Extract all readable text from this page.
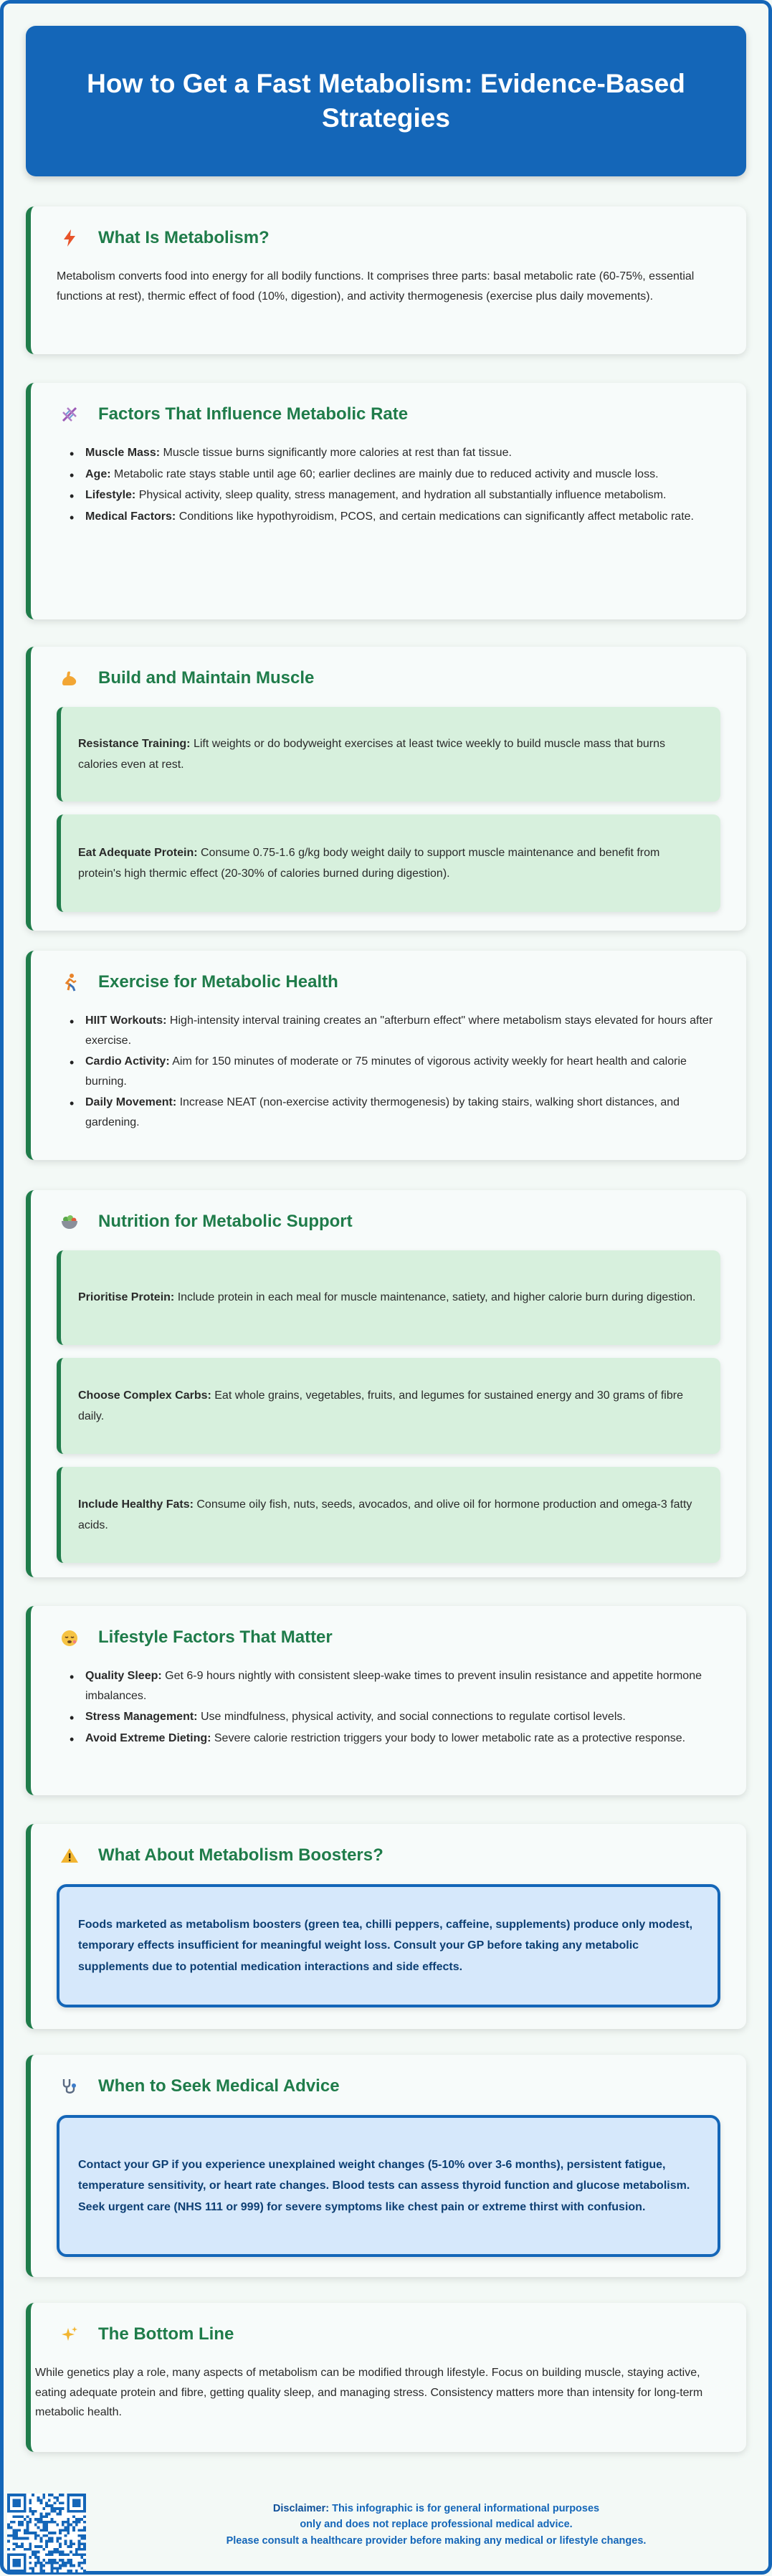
How to Get a Fast Metabolism: Evidence-Based Strategies
What Is Metabolism?

Metabolism converts food into energy for all bodily functions. It comprises three parts: basal metabolic rate (60-75%, essential functions at rest), thermic effect of food (10%, digestion), and activity thermogenesis (exercise plus daily movements).

Factors That Influence Metabolic Rate
• Muscle Mass: Muscle tissue burns significantly more calories at rest than fat tissue.
• Age: Metabolic rate stays stable until age 60; earlier declines are mainly due to reduced activity and muscle loss.
• Lifestyle: Physical activity, sleep quality, stress management, and hydration all substantially influence metabolism.
• Medical Factors: Conditions like hypothyroidism, PCOS, and certain medications can significantly affect metabolic rate.
Build and Maintain Muscle

Resistance Training: Lift weights or do bodyweight exercises at least twice weekly to build muscle mass that burns calories even at rest.

Eat Adequate Protein: Consume 0.75-1.6 g/kg body weight daily to support muscle maintenance and benefit from protein's high thermic effect (20-30% of calories burned during digestion).

Exercise for Metabolic Health
• HIIT Workouts: High-intensity interval training creates an "afterburn effect" where metabolism stays elevated for hours after exercise.
• Cardio Activity: Aim for 150 minutes of moderate or 75 minutes of vigorous activity weekly for heart health and calorie burning.
• Daily Movement: Increase NEAT (non-exercise activity thermogenesis) by taking stairs, walking short distances, and gardening.
Nutrition for Metabolic Support

Prioritise Protein: Include protein in each meal for muscle maintenance, satiety, and higher calorie burn during digestion.

Choose Complex Carbs: Eat whole grains, vegetables, fruits, and legumes for sustained energy and 30 grams of fibre daily.

Include Healthy Fats: Consume oily fish, nuts, seeds, avocados, and olive oil for hormone production and omega-3 fatty acids.

Lifestyle Factors That Matter
• Quality Sleep: Get 6-9 hours nightly with consistent sleep-wake times to prevent insulin resistance and appetite hormone imbalances.
• Stress Management: Use mindfulness, physical activity, and social connections to regulate cortisol levels.
• Avoid Extreme Dieting: Severe calorie restriction triggers your body to lower metabolic rate as a protective response.
What About Metabolism Boosters?

Foods marketed as metabolism boosters (green tea, chilli peppers, caffeine, supplements) produce only modest, temporary effects insufficient for meaningful weight loss. Consult your GP before taking any metabolic supplements due to potential medication interactions and side effects.

When to Seek Medical Advice

Contact your GP if you experience unexplained weight changes (5-10% over 3-6 months), persistent fatigue, temperature sensitivity, or heart rate changes. Blood tests can assess thyroid function and glucose metabolism. Seek urgent care (NHS 111 or 999) for severe symptoms like chest pain or extreme thirst with confusion.

The Bottom Line

While genetics play a role, many aspects of metabolism can be modified through lifestyle. Focus on building muscle, staying active, eating adequate protein and fibre, getting quality sleep, and managing stress. Consistency matters more than intensity for long-term metabolic health.

Disclaimer: This infographic is for general informational purposes
only and does not replace professional medical advice.
Please consult a healthcare provider before making any medical or lifestyle changes.
